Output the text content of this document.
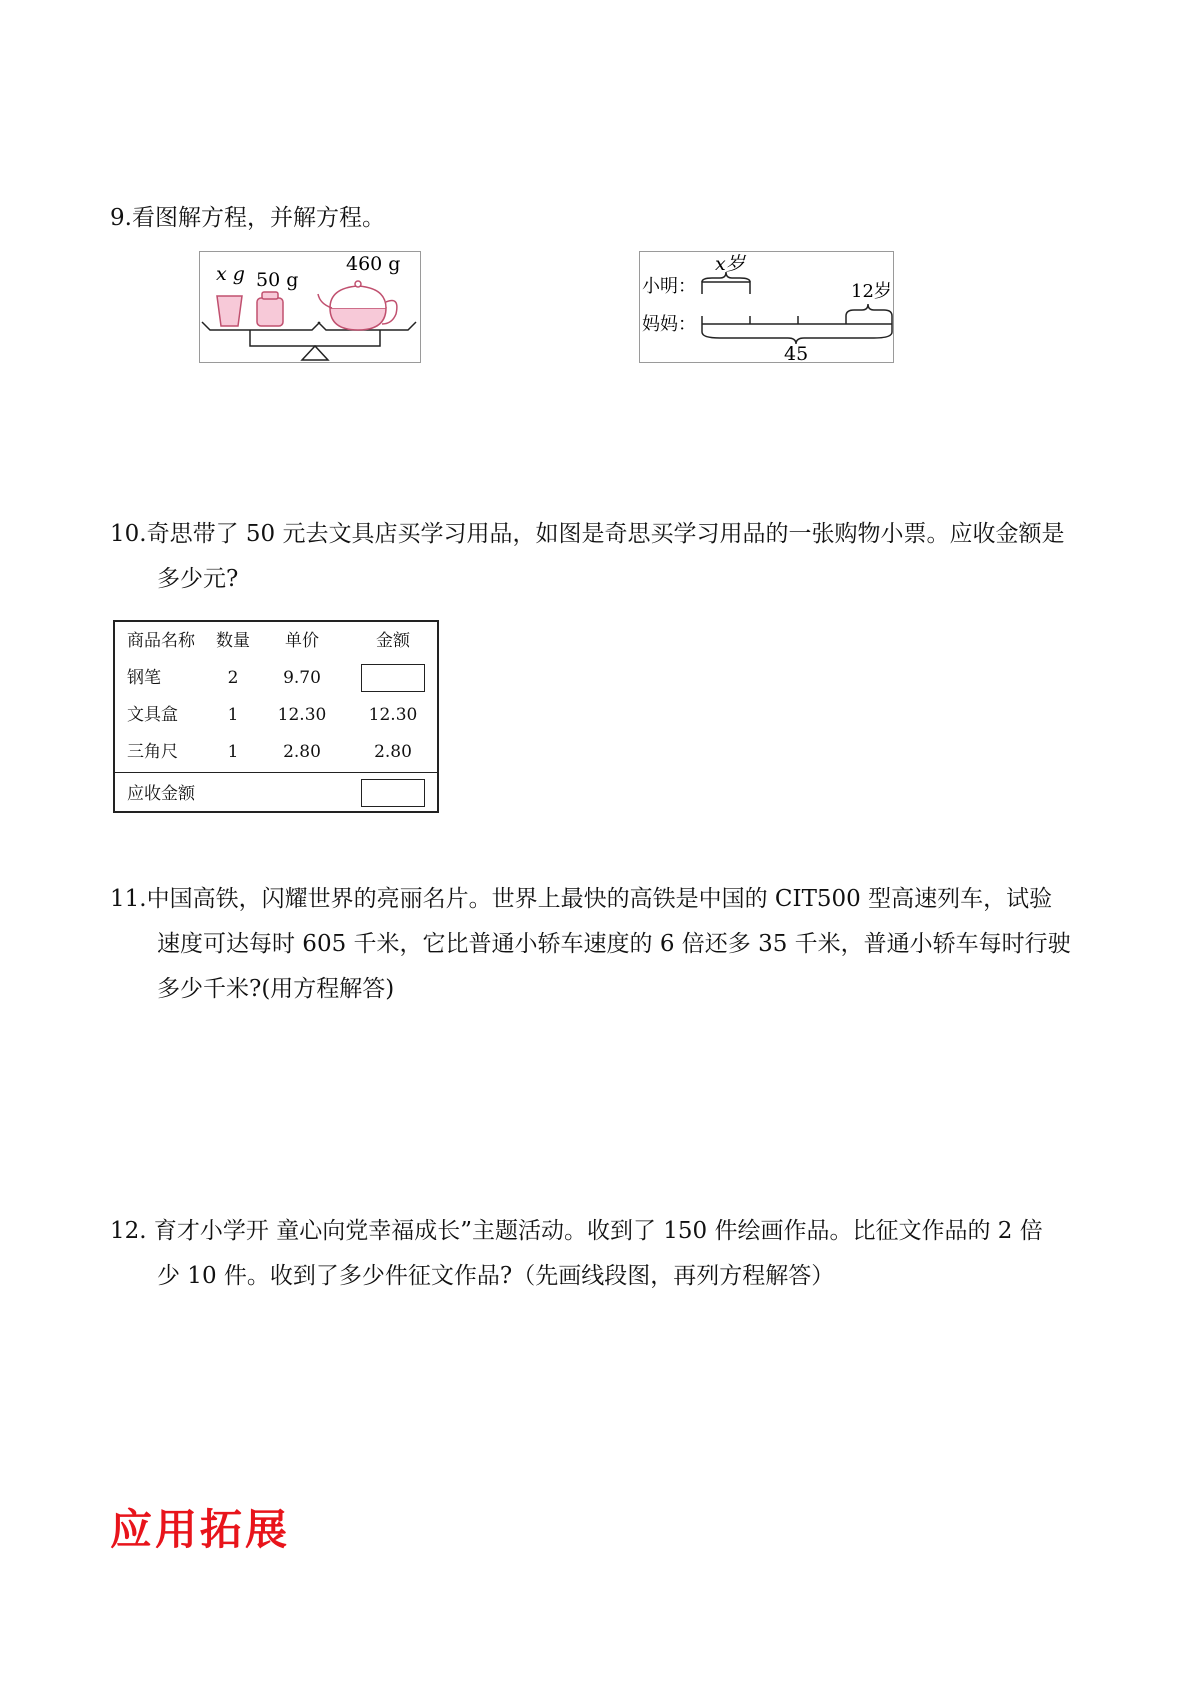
9.看图解方程，并解方程。
x g 50 g
460 g	x岁
小明：
妈妈：
12岁
45
10.奇思带了 50 元去文具店买学习用品，如图是奇思买学习用品的一张购物小票。应收金额是
多少元?
商品名称 数量	单价	金额
钢笔	2	9.70
文具盒	1	12.30	12.30
三角尺	1	2.80	2.80
应收金额
11.中国高铁，闪耀世界的亮丽名片。世界上最快的高铁是中国的 CIT500 型高速列车，试验
速度可达每时 605 千米，它比普通小轿车速度的 6 倍还多 35 千米，普通小轿车每时行驶
多少千米?(用方程解答)
12. 育才小学开 童心向党幸福成长”主题活动。收到了 150 件绘画作品。比征文作品的 2 倍
少 10 件。收到了多少件征文作品?（先画线段图，再列方程解答）
应用拓展
